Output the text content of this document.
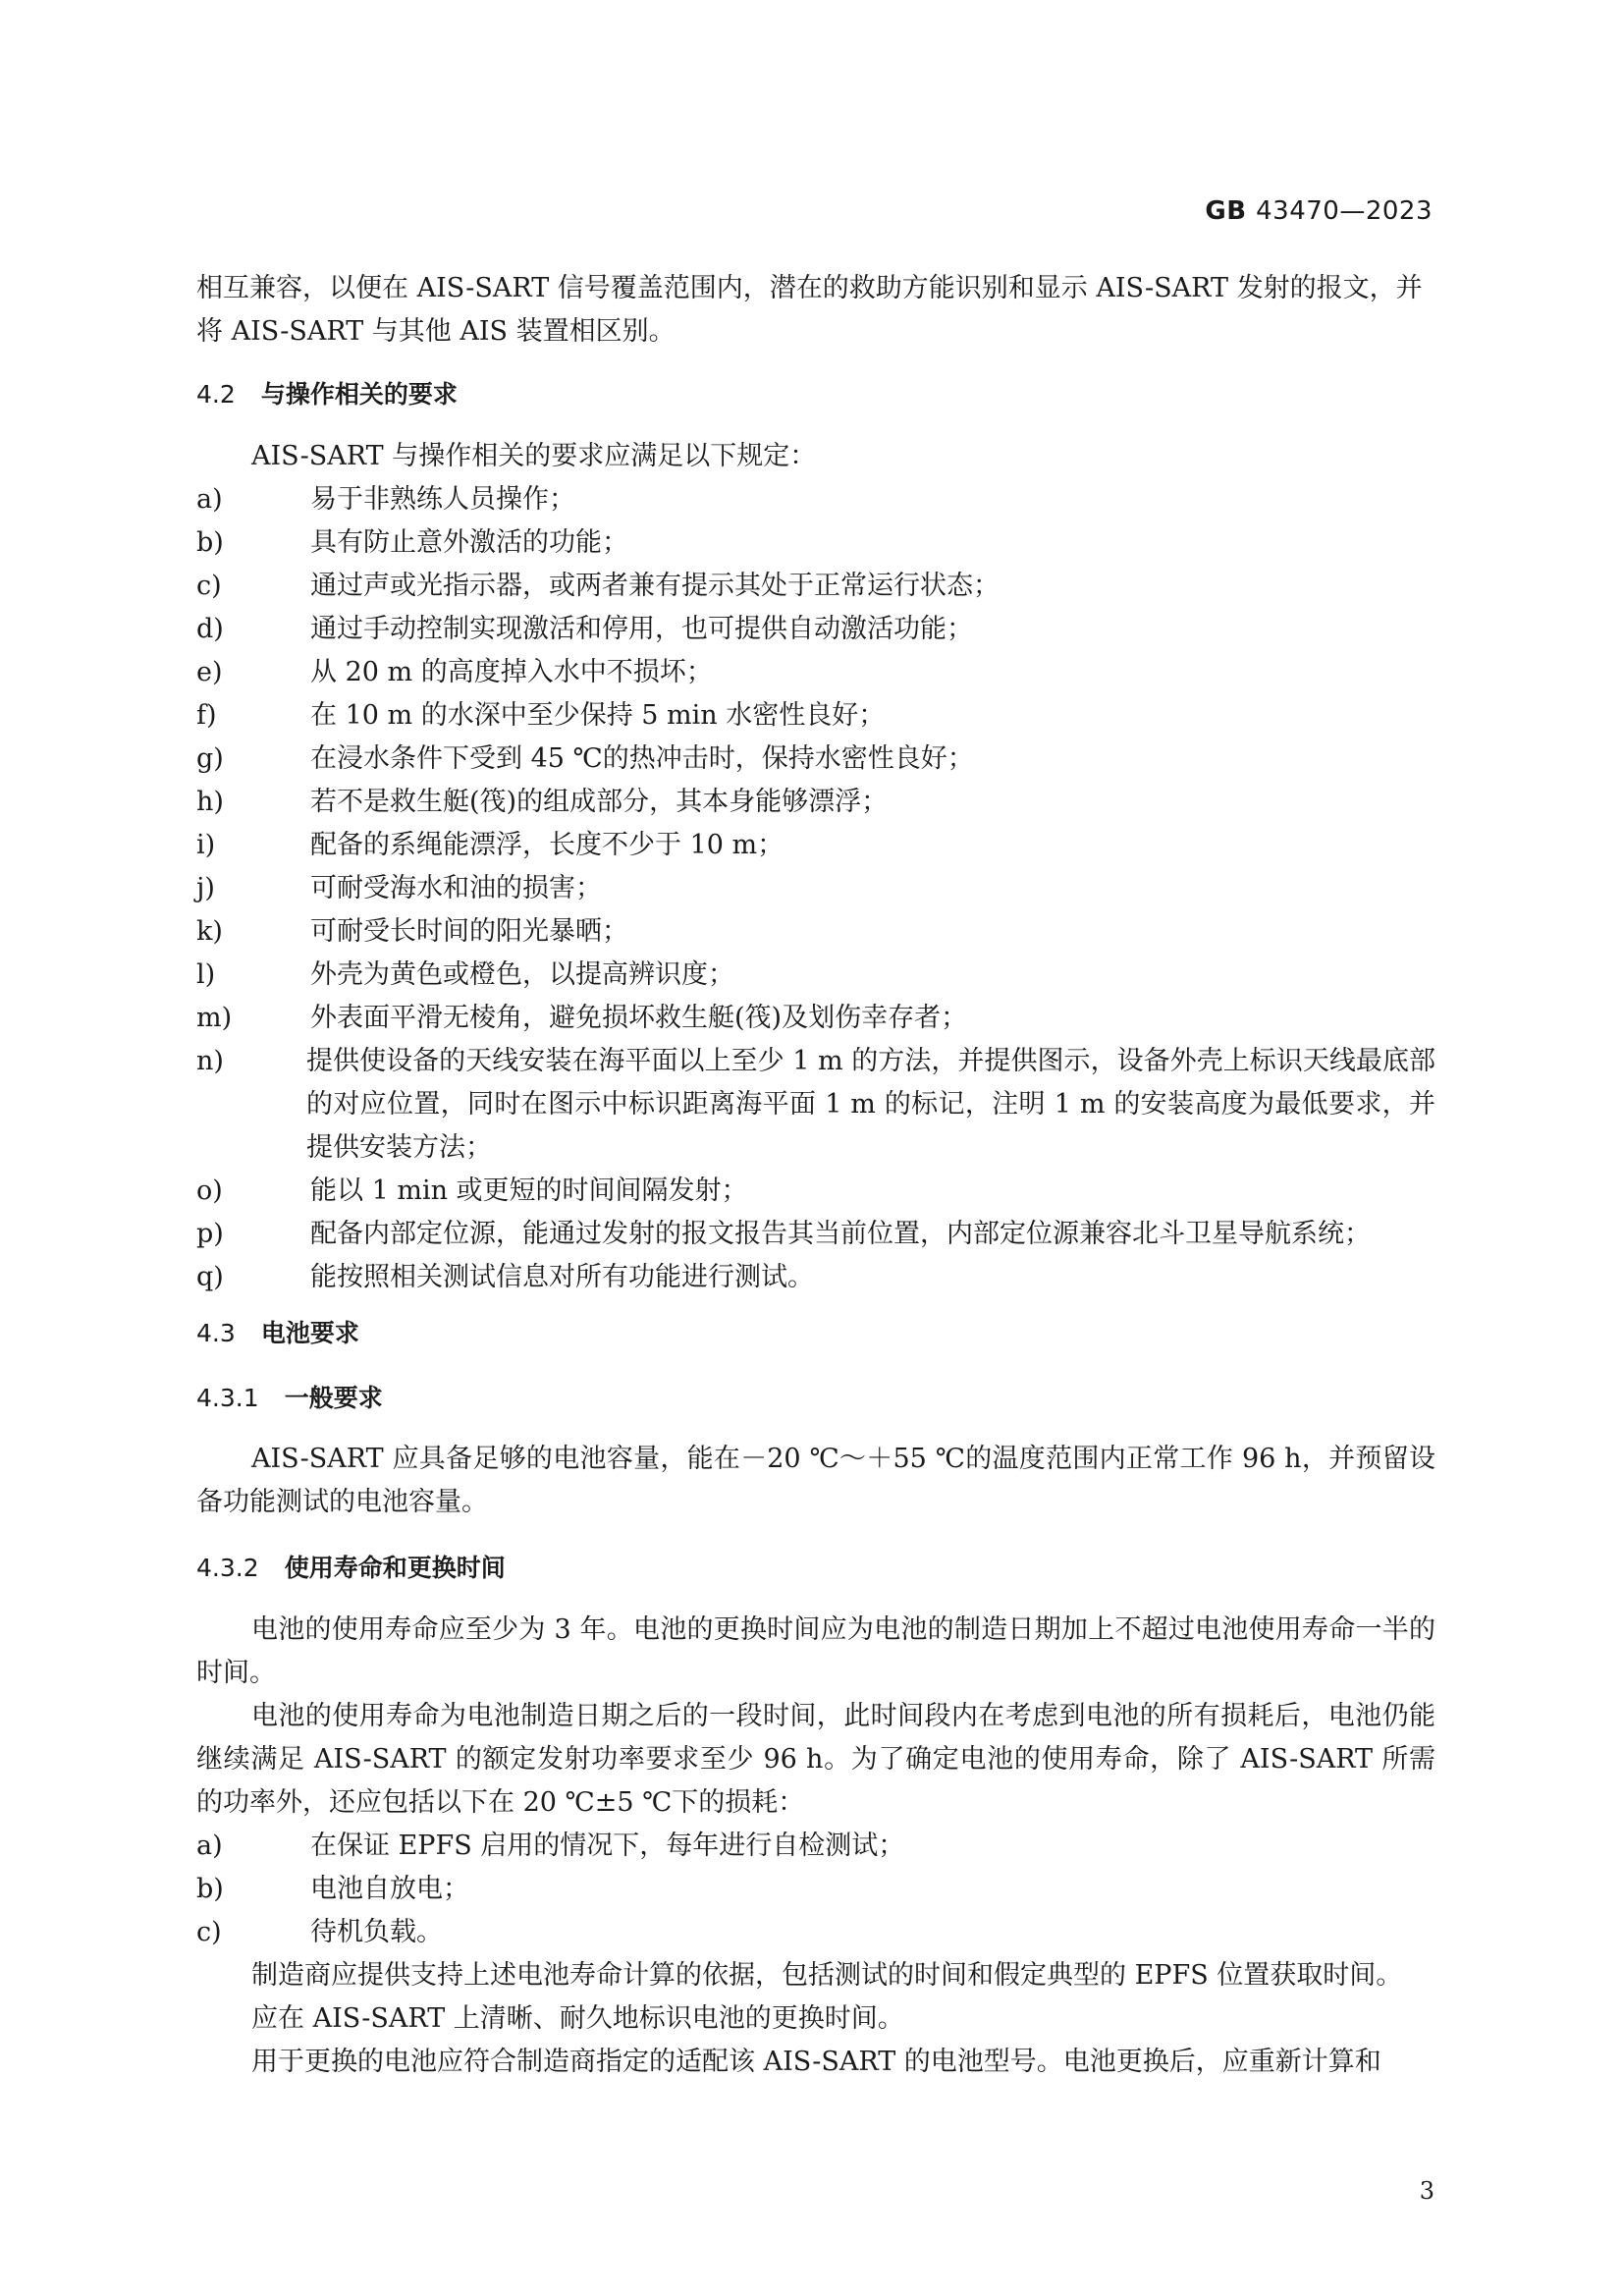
GB 43470—2023

相互兼容，以便在 AIS-SART 信号覆盖范围内，潜在的救助方能识别和显示 AIS-SART 发射的报文，并

将 AIS-SART 与其他 AIS 装置相区别。

4.2 与操作相关的要求

AIS-SART 与操作相关的要求应满足以下规定：

a)	易于非熟练人员操作；
b)	具有防止意外激活的功能；
c)	通过声或光指示器，或两者兼有提示其处于正常运行状态；
d)	通过手动控制实现激活和停用，也可提供自动激活功能；
e)	从 20 m 的高度掉入水中不损坏；
f)	在 10 m 的水深中至少保持 5 min 水密性良好；
g)	在浸水条件下受到 45 ℃的热冲击时，保持水密性良好；
h)	若不是救生艇(筏)的组成部分，其本身能够漂浮；
i)	配备的系绳能漂浮，长度不少于 10 m；
j)	可耐受海水和油的损害；
k)	可耐受长时间的阳光暴晒；
l)	外壳为黄色或橙色，以提高辨识度；
m)	外表面平滑无棱角，避免损坏救生艇(筏)及划伤幸存者；
n)	提供使设备的天线安装在海平面以上至少 1 m 的方法，并提供图示，设备外壳上标识天线最底部的对应位置，同时在图示中标识距离海平面 1 m 的标记，注明 1 m 的安装高度为最低要求，并提供安装方法；
o)	能以 1 min 或更短的时间间隔发射；
p)	配备内部定位源，能通过发射的报文报告其当前位置，内部定位源兼容北斗卫星导航系统；
q)	能按照相关测试信息对所有功能进行测试。

4.3 电池要求

4.3.1 一般要求

AIS-SART 应具备足够的电池容量，能在－20 ℃～＋55 ℃的温度范围内正常工作 96 h，并预留设备功能测试的电池容量。

4.3.2 使用寿命和更换时间

电池的使用寿命应至少为 3 年。电池的更换时间应为电池的制造日期加上不超过电池使用寿命一半的时间。

电池的使用寿命为电池制造日期之后的一段时间，此时间段内在考虑到电池的所有损耗后，电池仍能继续满足 AIS-SART 的额定发射功率要求至少 96 h。为了确定电池的使用寿命，除了 AIS-SART 所需的功率外，还应包括以下在 20 ℃±5 ℃下的损耗：

a)	在保证 EPFS 启用的情况下，每年进行自检测试；
b)	电池自放电；
c)	待机负载。

制造商应提供支持上述电池寿命计算的依据，包括测试的时间和假定典型的 EPFS 位置获取时间。

应在 AIS-SART 上清晰、耐久地标识电池的更换时间。

用于更换的电池应符合制造商指定的适配该 AIS-SART 的电池型号。电池更换后，应重新计算和

3
